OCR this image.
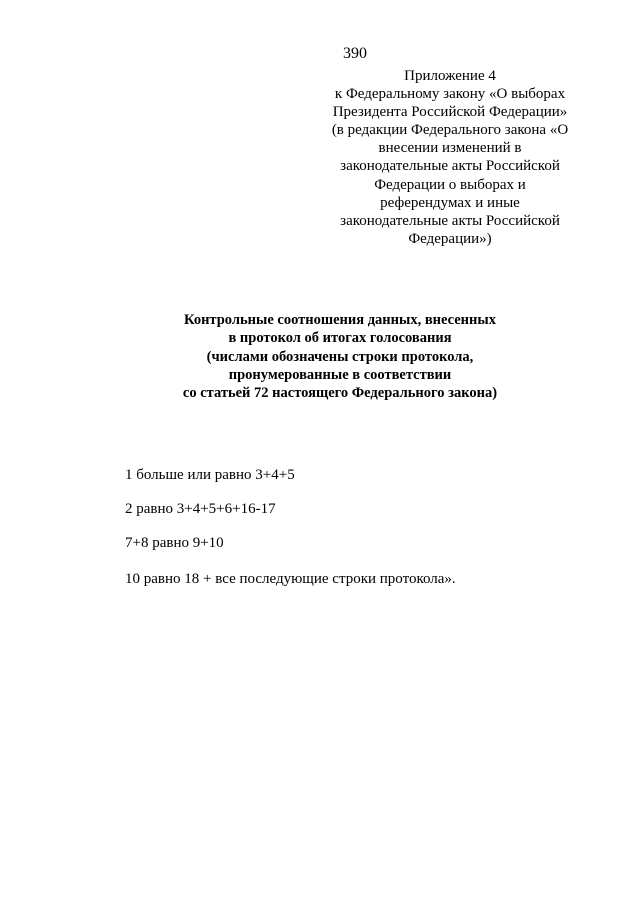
390
Приложение 4
к Федеральному закону «О выборах
Президента Российской Федерации»
(в редакции Федерального закона «О
внесении изменений в
законодательные акты Российской
Федерации о выборах и
референдумах и иные
законодательные акты Российской
Федерации»)
Контрольные соотношения данных, внесенных
в протокол об итогах голосования
(числами обозначены строки протокола,
пронумерованные в соответствии
со статьей 72 настоящего Федерального закона)
1 больше или равно 3+4+5
2 равно 3+4+5+6+16-17
7+8 равно 9+10
10 равно 18 + все последующие строки протокола».
